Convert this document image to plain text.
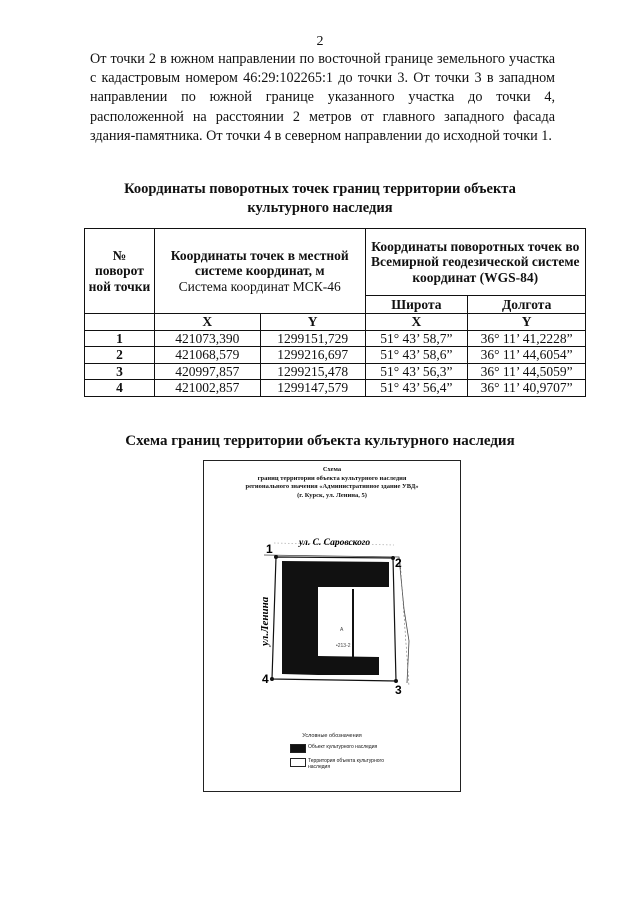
2

От точки 2 в южном направлении по восточной границе земельного участка с кадастровым номером 46:29:102265:1 до точки 3. От точки 3 в западном направлении по южной границе указанного участка до точки 4, расположенной на расстоянии 2 метров от главного западного фасада здания-памятника. От точки 4 в северном направлении до исходной точки 1.

Координаты поворотных точек границ территории объекта
культурного наследия
№ поворот ной точки	Координаты точек в местной системе координат, м
Система координат МСК-46		Координаты поворотных точек во Всемирной геодезической системе координат (WGS-84)	
			Широта	Долгота
	X	Y	X	Y
1	421073,390	1299151,729	51° 43’ 58,7”	36° 11’ 41,2228”
2	421068,579	1299216,697	51° 43’ 58,6”	36° 11’ 44,6054”
3	420997,857	1299215,478	51° 43’ 56,3”	36° 11’ 44,5059”
4	421002,857	1299147,579	51° 43’ 56,4”	36° 11’ 40,9707”
Схема границ территории объекта культурного наследия
Схема
границ территории объекта культурного наследия
регионального значения «Административное здание УВД»
(г. Курск, ул. Ленина, 5)
1
2
3
4
ул. С. Саровского
ул.Ленина	А
•213-2
Условные обозначения
Объект культурного наследия
Территория объекта культурного наследия
